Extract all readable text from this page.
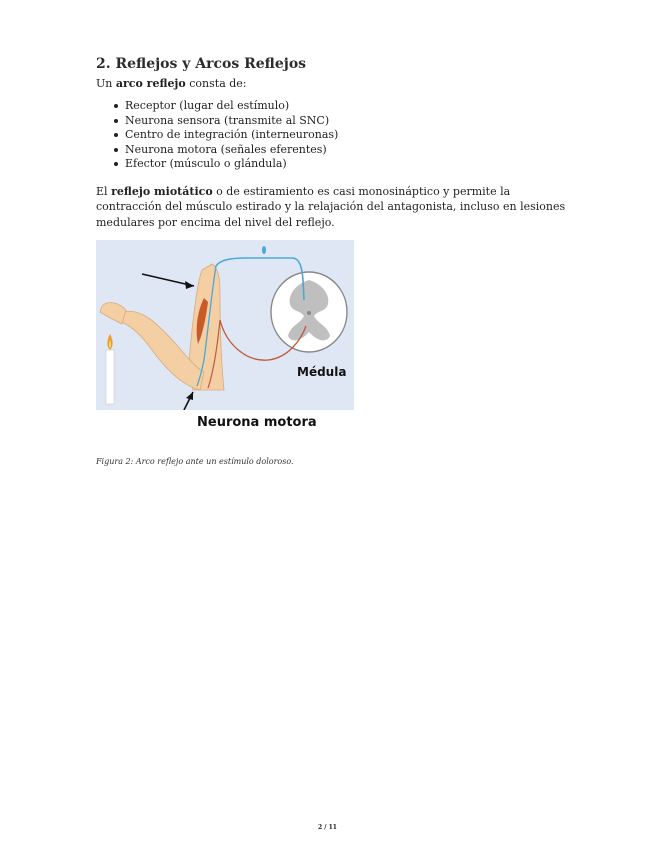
2. Reflejos y Arcos Reflejos

Un arco reflejo consta de:

Receptor (lugar del estímulo)
Neurona sensora (transmite al SNC)
Centro de integración (interneuronas)
Neurona motora (señales eferentes)
Efector (músculo o glándula)

El reflejo miotático o de estiramiento es casi monosináptico y permite la contracción del músculo estirado y la relajación del antagonista, incluso en lesiones medulares por encima del nivel del reflejo.

Médula

Neurona motora

Figura 2: Arco reflejo ante un estímulo doloroso.

2 / 11
